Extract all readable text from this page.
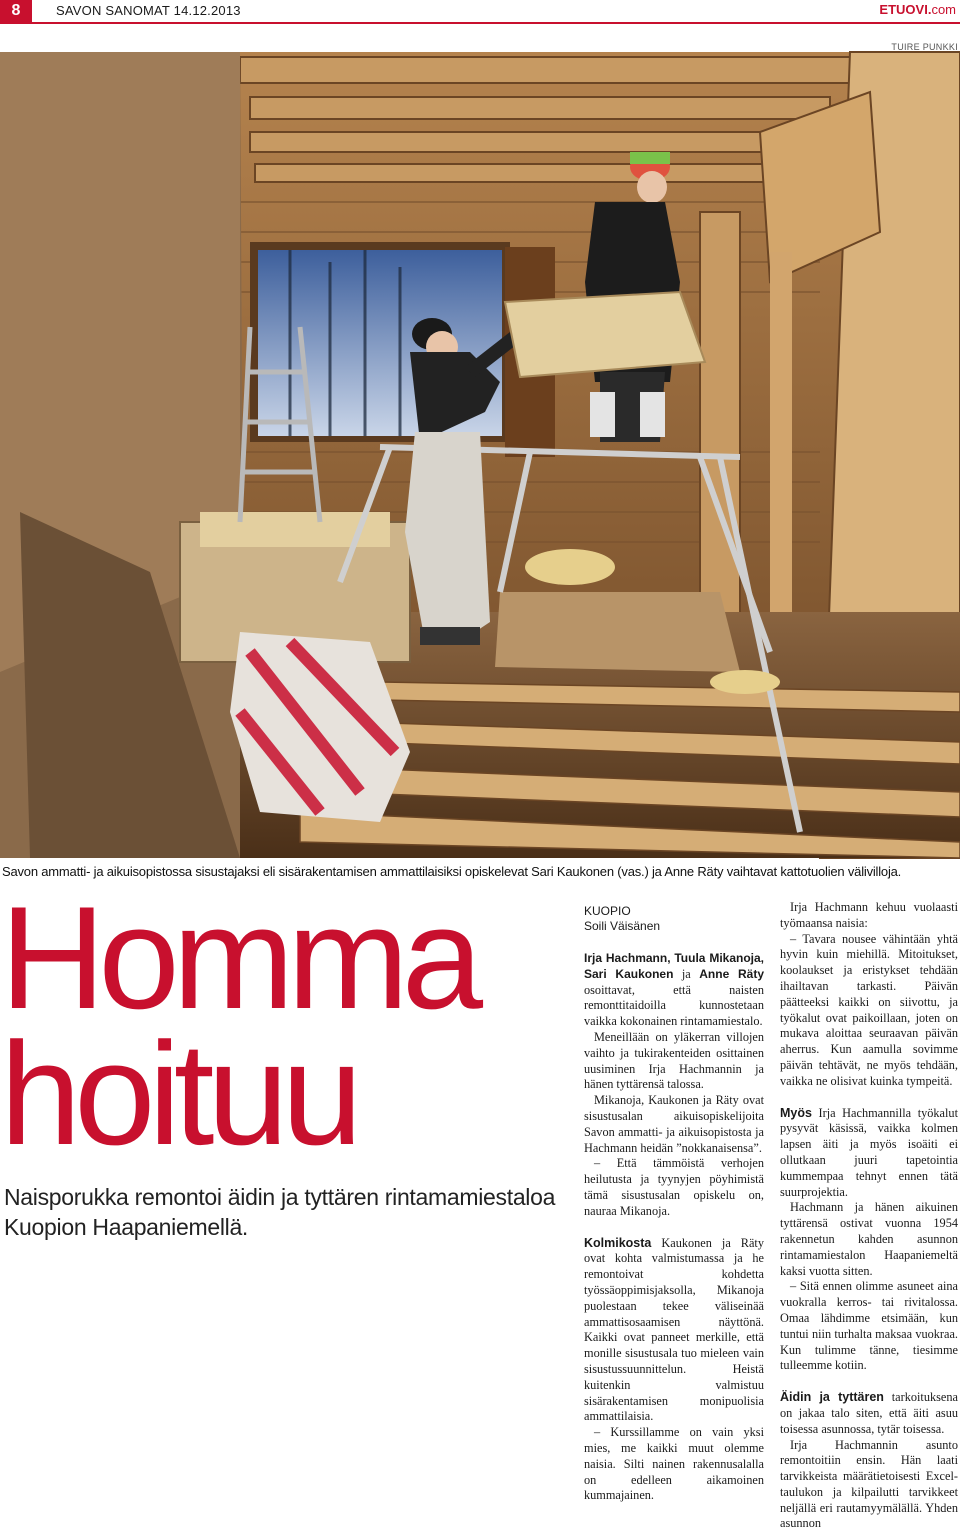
8	SAVON SANOMAT 14.12.2013	ETUOVI.com
TUIRE PUNKKI
Savon ammatti- ja aikuisopistossa sisustajaksi eli sisärakentamisen ammattilaisiksi opiskelevat Sari Kaukonen (vas.) ja Anne Räty vaihtavat kattotuolien välivilloja.
Homma
hoituu
Naisporukka remontoi äidin ja tyttären rintamamiestaloa Kuopion Haapaniemellä.

KUOPIO

Soili Väisänen

Irja Hachmann, Tuula Mikanoja, Sari Kaukonen ja Anne Räty osoittavat, että naisten remonttitaidoilla kunnostetaan vaikka kokonainen rintamamiestalo.

Meneillään on yläkerran villojen vaihto ja tukirakenteiden osittainen uusiminen Irja Hachmannin ja hänen tyttärensä talossa.

Mikanoja, Kaukonen ja Räty ovat sisustusalan aikuisopiskelijoita Savon ammatti- ja aikuisopistosta ja Hachmann heidän ”nokkanaisensa”.

– Että tämmöistä verhojen heilutusta ja tyynyjen pöyhimistä tämä sisustusalan opiskelu on, nauraa Mikanoja.

Kolmikosta Kaukonen ja Räty ovat kohta valmistumassa ja he remontoivat kohdetta työssäoppimisjaksolla, Mikanoja puolestaan tekee väliseinää ammattisosaamisen näyttönä. Kaikki ovat panneet merkille, että monille sisustusala tuo mieleen vain sisustussuunnittelun. Heistä kuitenkin valmistuu sisärakentamisen monipuolisia ammattilaisia.

– Kurssillamme on vain yksi mies, me kaikki muut olemme naisia. Silti nainen rakennusalalla on edelleen aikamoinen kummajainen.

Irja Hachmann kehuu vuolaasti työmaansa naisia:

– Tavara nousee vähintään yhtä hyvin kuin miehillä. Mitoitukset, koolaukset ja eristykset tehdään ihailtavan tarkasti. Päivän päätteeksi kaikki on siivottu, ja työkalut ovat paikoillaan, joten on mukava aloittaa seuraavan päivän aherrus. Kun aamulla sovimme päivän tehtävät, ne myös tehdään, vaikka ne olisivat kuinka tympeitä.

Myös Irja Hachmannilla työkalut pysyvät käsissä, vaikka kolmen lapsen äiti ja myös isoäiti ei ollutkaan juuri tapetointia kummempaa tehnyt ennen tätä suurprojektia.

Hachmann ja hänen aikuinen tyttärensä ostivat vuonna 1954 rakennetun kahden asunnon rintamamiestalon Haapaniemeltä kaksi vuotta sitten.

– Sitä ennen olimme asuneet aina vuokralla kerros- tai rivitalossa. Omaa lähdimme etsimään, kun tuntui niin turhalta maksaa vuokraa. Kun tulimme tänne, tiesimme tulleemme kotiin.

Äidin ja tyttären tarkoituksena on jakaa talo siten, että äiti asuu toisessa asunnossa, tytär toisessa.

Irja Hachmannin asunto remontoitiin ensin. Hän laati tarvikkeista määrätietoisesti Excel-taulukon ja kilpailutti tarvikkeet neljällä eri rautamyymälällä. Yhden asunnon
